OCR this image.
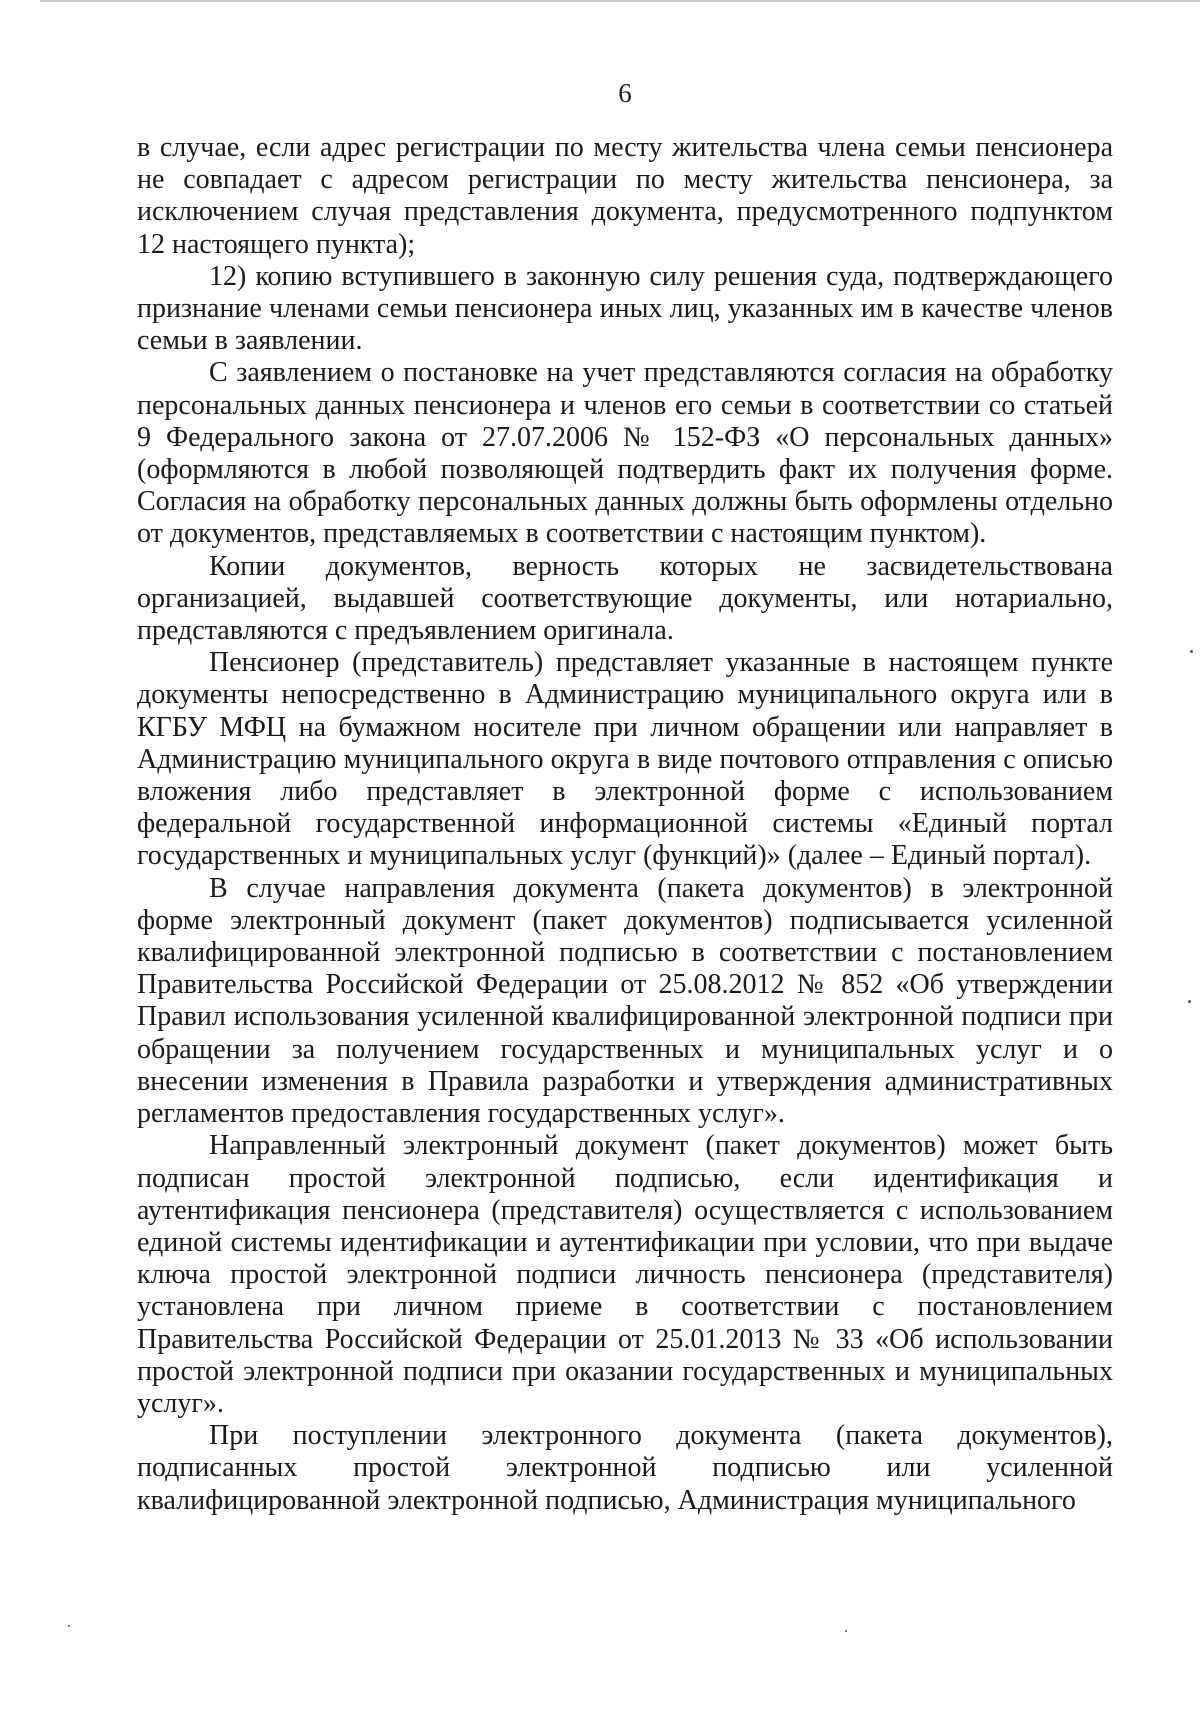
6

в случае, если адрес регистрации по месту жительства члена семьи пенсионера не совпадает с адресом регистрации по месту жительства пенсионера, за исключением случая представления документа, предусмотренного подпунктом 12 настоящего пункта);

12) копию вступившего в законную силу решения суда, подтверждающего признание членами семьи пенсионера иных лиц, указанных им в качестве членов семьи в заявлении.

С заявлением о постановке на учет представляются согласия на обработку персональных данных пенсионера и членов его семьи в соответствии со статьей 9 Федерального закона от 27.07.2006 № 152-ФЗ «О персональных данных» (оформляются в любой позволяющей подтвердить факт их получения форме. Согласия на обработку персональных данных должны быть оформлены отдельно от документов, представляемых в соответствии с настоящим пунктом).

Копии документов, верность которых не засвидетельствована организацией, выдавшей соответствующие документы, или нотариально, представляются с предъявлением оригинала.

Пенсионер (представитель) представляет указанные в настоящем пункте документы непосредственно в Администрацию муниципального округа или в КГБУ МФЦ на бумажном носителе при личном обращении или направляет в Администрацию муниципального округа в виде почтового отправления с описью вложения либо представляет в электронной форме с использованием федеральной государственной информационной системы «Единый портал государственных и муниципальных услуг (функций)» (далее – Единый портал).

В случае направления документа (пакета документов) в электронной форме электронный документ (пакет документов) подписывается усиленной квалифицированной электронной подписью в соответствии с постановлением Правительства Российской Федерации от 25.08.2012 № 852 «Об утверждении Правил использования усиленной квалифицированной электронной подписи при обращении за получением государственных и муниципальных услуг и о внесении изменения в Правила разработки и утверждения административных регламентов предоставления государственных услуг».

Направленный электронный документ (пакет документов) может быть подписан простой электронной подписью, если идентификация и аутентификация пенсионера (представителя) осуществляется с использованием единой системы идентификации и аутентификации при условии, что при выдаче ключа простой электронной подписи личность пенсионера (представителя) установлена при личном приеме в соответствии с постановлением Правительства Российской Федерации от 25.01.2013 № 33 «Об использовании простой электронной подписи при оказании государственных и муниципальных услуг».

При поступлении электронного документа (пакета документов), подписанных простой электронной подписью или усиленной квалифицированной электронной подписью, Администрация муниципального
